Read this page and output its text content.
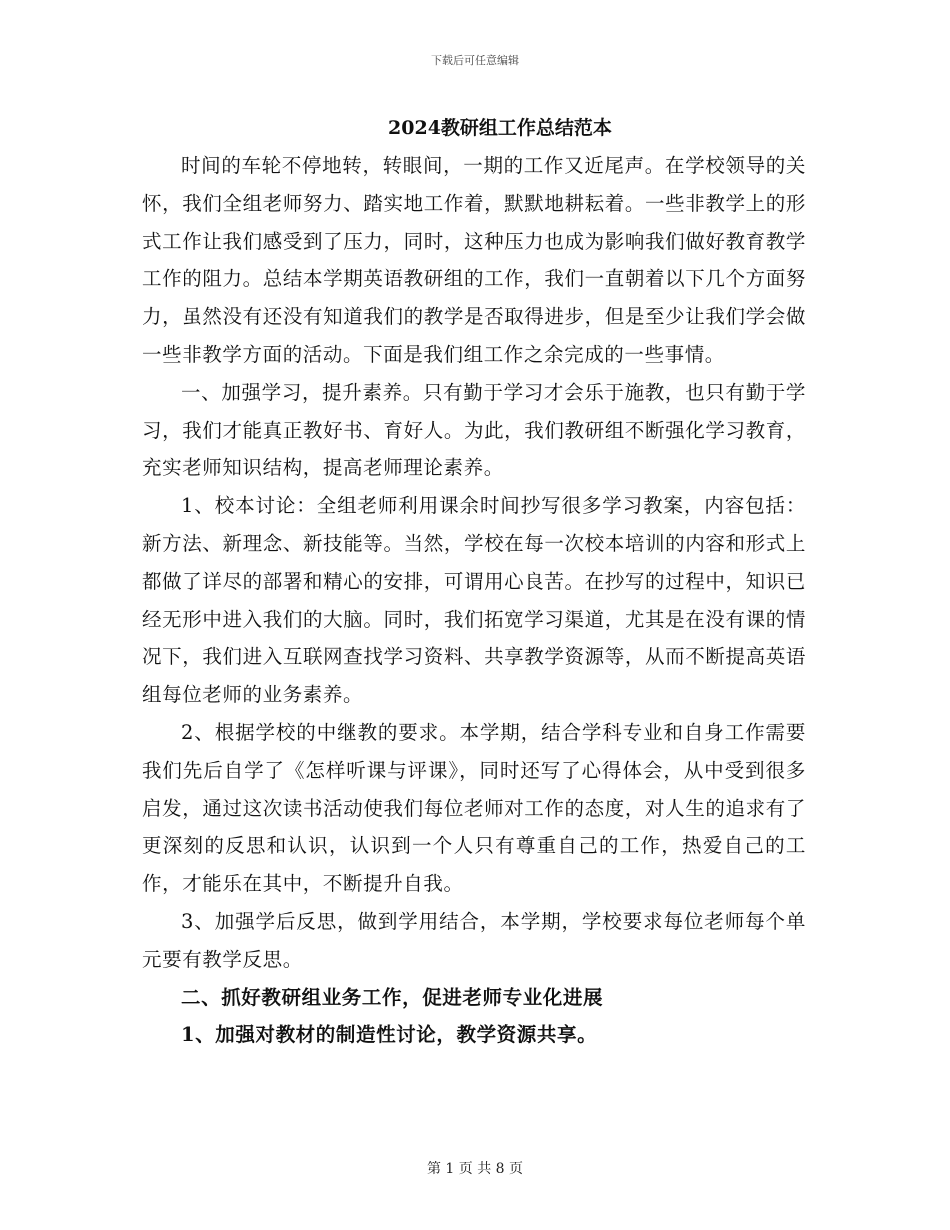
下载后可任意编辑
2024教研组工作总结范本

时间的车轮不停地转，转眼间，一期的工作又近尾声。在学校领导的关怀，我们全组老师努力、踏实地工作着，默默地耕耘着。一些非教学上的形式工作让我们感受到了压力，同时，这种压力也成为影响我们做好教育教学工作的阻力。总结本学期英语教研组的工作，我们一直朝着以下几个方面努力，虽然没有还没有知道我们的教学是否取得进步，但是至少让我们学会做一些非教学方面的活动。下面是我们组工作之余完成的一些事情。

一、加强学习，提升素养。只有勤于学习才会乐于施教，也只有勤于学习，我们才能真正教好书、育好人。为此，我们教研组不断强化学习教育，充实老师知识结构，提高老师理论素养。

1、校本讨论：全组老师利用课余时间抄写很多学习教案，内容包括：新方法、新理念、新技能等。当然，学校在每一次校本培训的内容和形式上都做了详尽的部署和精心的安排，可谓用心良苦。在抄写的过程中，知识已经无形中进入我们的大脑。同时，我们拓宽学习渠道，尤其是在没有课的情况下，我们进入互联网查找学习资料、共享教学资源等，从而不断提高英语组每位老师的业务素养。

2、根据学校的中继教的要求。本学期，结合学科专业和自身工作需要我们先后自学了《怎样听课与评课》，同时还写了心得体会，从中受到很多启发，通过这次读书活动使我们每位老师对工作的态度，对人生的追求有了更深刻的反思和认识，认识到一个人只有尊重自己的工作，热爱自己的工作，才能乐在其中，不断提升自我。

3、加强学后反思，做到学用结合，本学期，学校要求每位老师每个单元要有教学反思。

二、抓好教研组业务工作，促进老师专业化进展

1、加强对教材的制造性讨论，教学资源共享。

第 1 页 共 8 页
